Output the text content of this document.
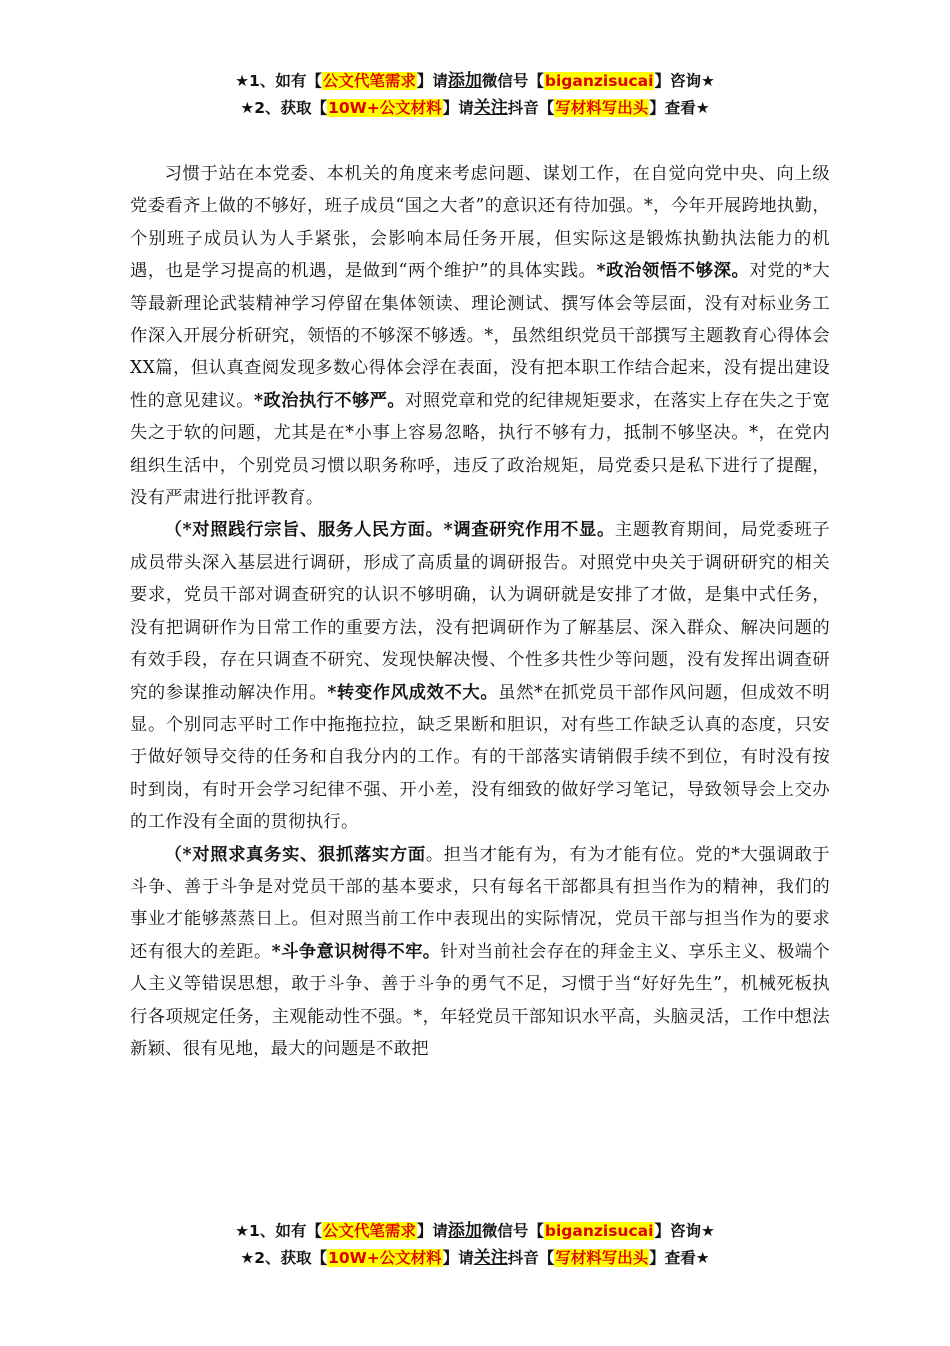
★1、如有【公文代笔需求】请添加微信号【biganzisucai】咨询★
★2、获取【10W+公文材料】请关注抖音【写材料写出头】查看★

习惯于站在本党委、本机关的角度来考虑问题、谋划工作，在自觉向党中央、向上级党委看齐上做的不够好，班子成员“国之大者”的意识还有待加强。*，今年开展跨地执勤，个别班子成员认为人手紧张，会影响本局任务开展，但实际这是锻炼执勤执法能力的机遇，也是学习提高的机遇，是做到“两个维护”的具体实践。*政治领悟不够深。对党的*大等最新理论武装精神学习停留在集体领读、理论测试、撰写体会等层面，没有对标业务工作深入开展分析研究，领悟的不够深不够透。*，虽然组织党员干部撰写主题教育心得体会XX篇，但认真查阅发现多数心得体会浮在表面，没有把本职工作结合起来，没有提出建设性的意见建议。*政治执行不够严。对照党章和党的纪律规矩要求，在落实上存在失之于宽失之于软的问题，尤其是在*小事上容易忽略，执行不够有力，抵制不够坚决。*，在党内组织生活中，个别党员习惯以职务称呼，违反了政治规矩，局党委只是私下进行了提醒，没有严肃进行批评教育。

（*对照践行宗旨、服务人民方面。*调查研究作用不显。主题教育期间，局党委班子成员带头深入基层进行调研，形成了高质量的调研报告。对照党中央关于调研研究的相关要求，党员干部对调查研究的认识不够明确，认为调研就是安排了才做，是集中式任务，没有把调研作为日常工作的重要方法，没有把调研作为了解基层、深入群众、解决问题的有效手段，存在只调查不研究、发现快解决慢、个性多共性少等问题，没有发挥出调查研究的参谋推动解决作用。*转变作风成效不大。虽然*在抓党员干部作风问题，但成效不明显。个别同志平时工作中拖拖拉拉，缺乏果断和胆识，对有些工作缺乏认真的态度，只安于做好领导交待的任务和自我分内的工作。有的干部落实请销假手续不到位，有时没有按时到岗，有时开会学习纪律不强、开小差，没有细致的做好学习笔记，导致领导会上交办的工作没有全面的贯彻执行。

（*对照求真务实、狠抓落实方面。担当才能有为，有为才能有位。党的*大强调敢于斗争、善于斗争是对党员干部的基本要求，只有每名干部都具有担当作为的精神，我们的事业才能够蒸蒸日上。但对照当前工作中表现出的实际情况，党员干部与担当作为的要求还有很大的差距。*斗争意识树得不牢。针对当前社会存在的拜金主义、享乐主义、极端个人主义等错误思想，敢于斗争、善于斗争的勇气不足，习惯于当“好好先生”，机械死板执行各项规定任务，主观能动性不强。*，年轻党员干部知识水平高，头脑灵活，工作中想法新颖、很有见地，最大的问题是不敢把

★1、如有【公文代笔需求】请添加微信号【biganzisucai】咨询★
★2、获取【10W+公文材料】请关注抖音【写材料写出头】查看★
